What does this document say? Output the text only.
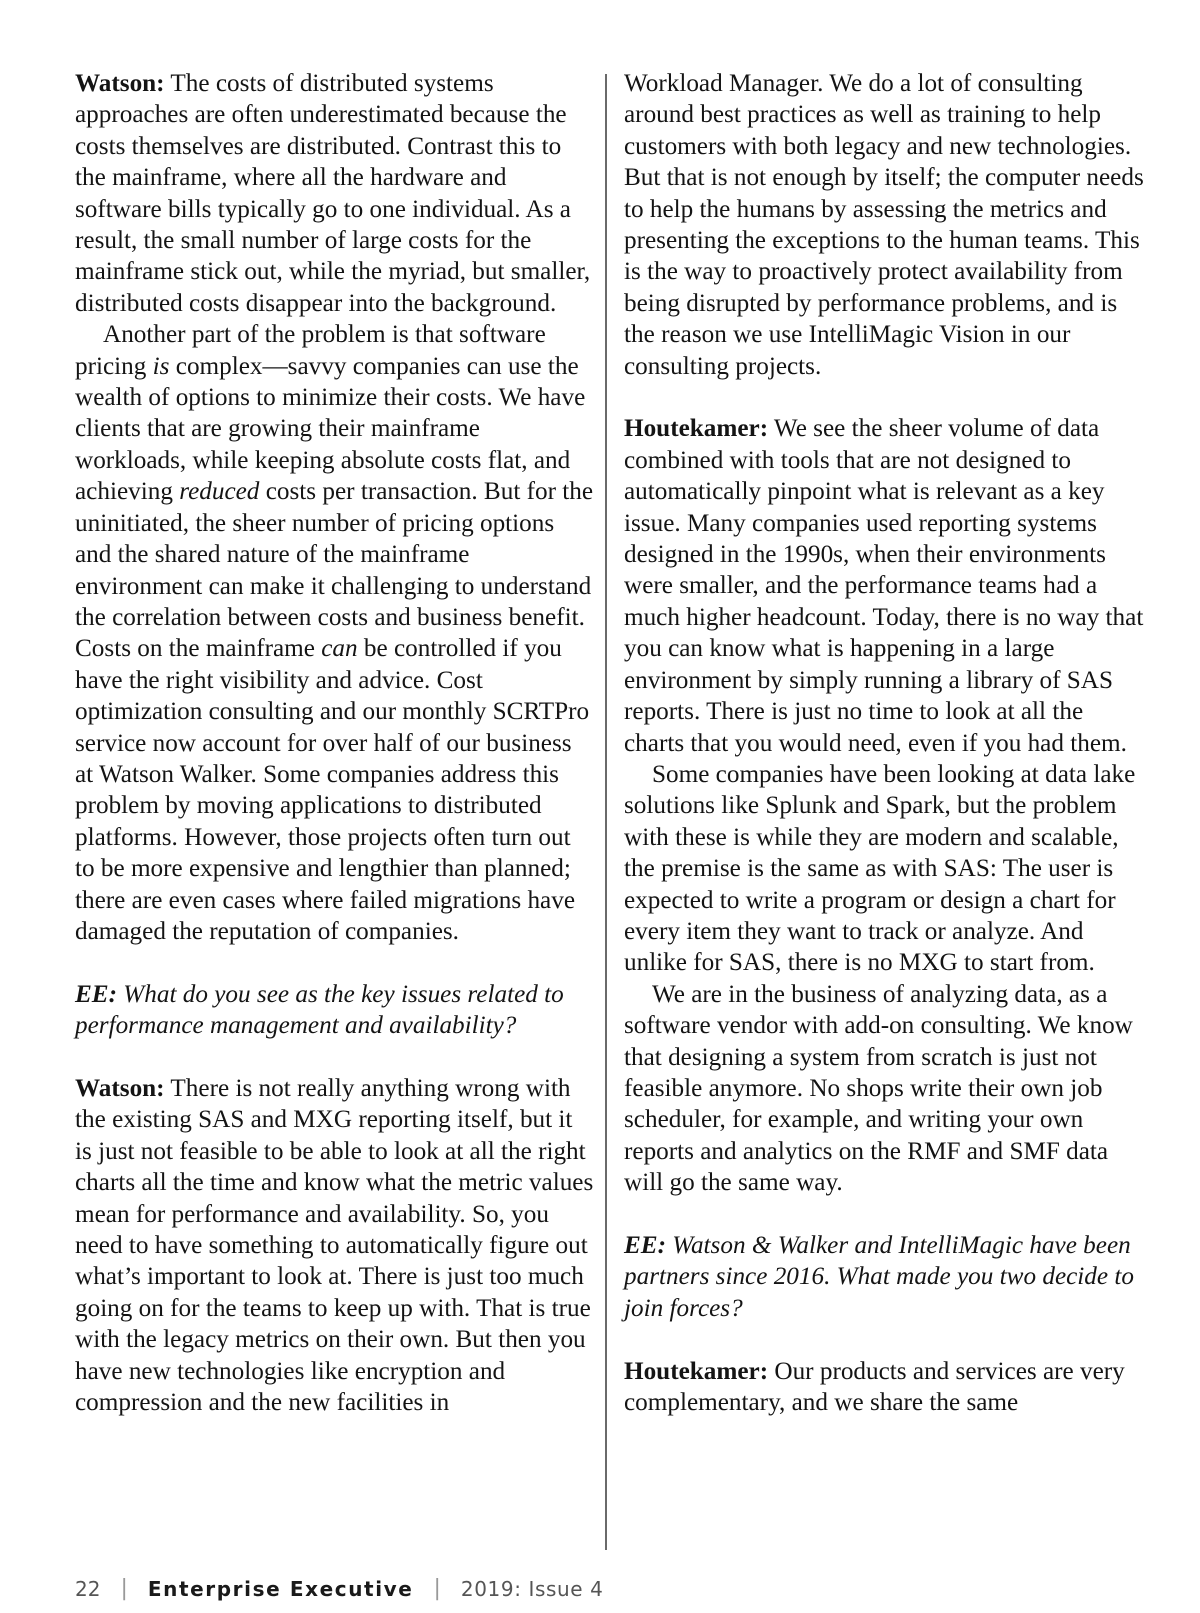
Watson: The costs of distributed systems approaches are often underestimated because the costs themselves are distributed. Contrast this to the mainframe, where all the hardware and software bills typically go to one individual. As a result, the small number of large costs for the mainframe stick out, while the myriad, but smaller, distributed costs disappear into the background.

Another part of the problem is that software pricing is complex—savvy companies can use the wealth of options to minimize their costs. We have clients that are growing their mainframe workloads, while keeping absolute costs flat, and achieving reduced costs per transaction. But for the uninitiated, the sheer number of pricing options and the shared nature of the mainframe environment can make it challenging to understand the correlation between costs and business benefit. Costs on the mainframe can be controlled if you have the right visibility and advice. Cost optimization consulting and our monthly SCRTPro service now account for over half of our business at Watson Walker. Some companies address this problem by moving applications to distributed platforms. However, those projects often turn out to be more expensive and lengthier than planned; there are even cases where failed migrations have damaged the reputation of companies.

EE: What do you see as the key issues related to performance management and availability?

Watson: There is not really anything wrong with the existing SAS and MXG reporting itself, but it is just not feasible to be able to look at all the right charts all the time and know what the metric values mean for performance and availability. So, you need to have something to automatically figure out what’s important to look at. There is just too much going on for the teams to keep up with. That is true with the legacy metrics on their own. But then you have new technologies like encryption and compression and the new facilities in

Workload Manager. We do a lot of consulting around best practices as well as training to help customers with both legacy and new technologies. But that is not enough by itself; the computer needs to help the humans by assessing the metrics and presenting the exceptions to the human teams. This is the way to proactively protect availability from being disrupted by performance problems, and is the reason we use IntelliMagic Vision in our consulting projects.

Houtekamer: We see the sheer volume of data combined with tools that are not designed to automatically pinpoint what is relevant as a key issue. Many companies used reporting systems designed in the 1990s, when their environments were smaller, and the performance teams had a much higher headcount. Today, there is no way that you can know what is happening in a large environment by simply running a library of SAS reports. There is just no time to look at all the charts that you would need, even if you had them.

Some companies have been looking at data lake solutions like Splunk and Spark, but the problem with these is while they are modern and scalable, the premise is the same as with SAS: The user is expected to write a program or design a chart for every item they want to track or analyze. And unlike for SAS, there is no MXG to start from.

We are in the business of analyzing data, as a software vendor with add-on consulting. We know that designing a system from scratch is just not feasible anymore. No shops write their own job scheduler, for example, and writing your own reports and analytics on the RMF and SMF data will go the same way.

EE: Watson & Walker and IntelliMagic have been partners since 2016. What made you two decide to join forces?

Houtekamer: Our products and services are very complementary, and we share the same

22 | Enterprise Executive | 2019: Issue 4
